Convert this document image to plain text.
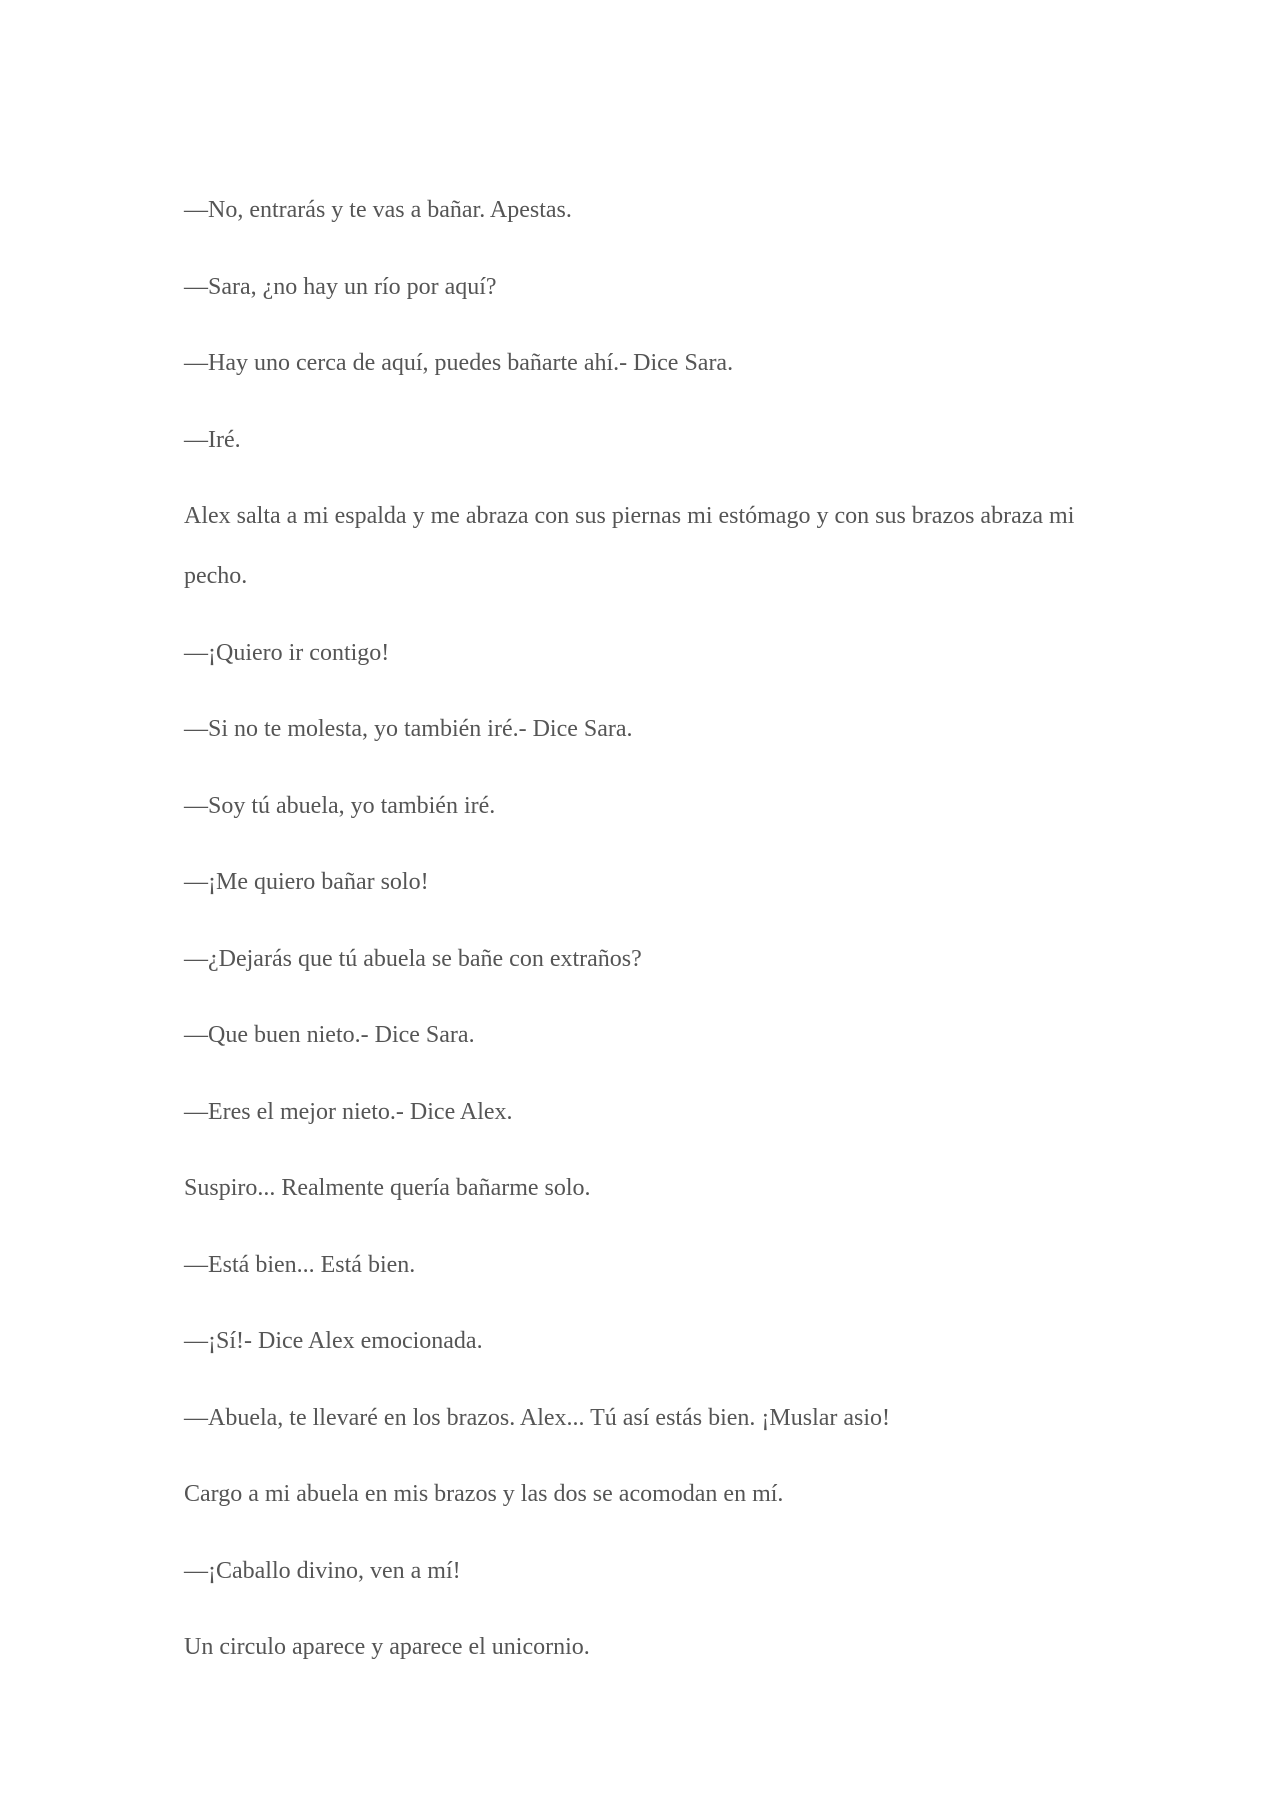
—No, entrarás y te vas a bañar. Apestas.

—Sara, ¿no hay un río por aquí?

—Hay uno cerca de aquí, puedes bañarte ahí.- Dice Sara.

—Iré.

Alex salta a mi espalda y me abraza con sus piernas mi estómago y con sus brazos abraza mi pecho.

—¡Quiero ir contigo!

—Si no te molesta, yo también iré.- Dice Sara.

—Soy tú abuela, yo también iré.

—¡Me quiero bañar solo!

—¿Dejarás que tú abuela se bañe con extraños?

—Que buen nieto.- Dice Sara.

—Eres el mejor nieto.- Dice Alex.

Suspiro... Realmente quería bañarme solo.

—Está bien... Está bien.

—¡Sí!- Dice Alex emocionada.

—Abuela, te llevaré en los brazos. Alex... Tú así estás bien. ¡Muslar asio!

Cargo a mi abuela en mis brazos y las dos se acomodan en mí.

—¡Caballo divino, ven a mí!

Un circulo aparece y aparece el unicornio.
